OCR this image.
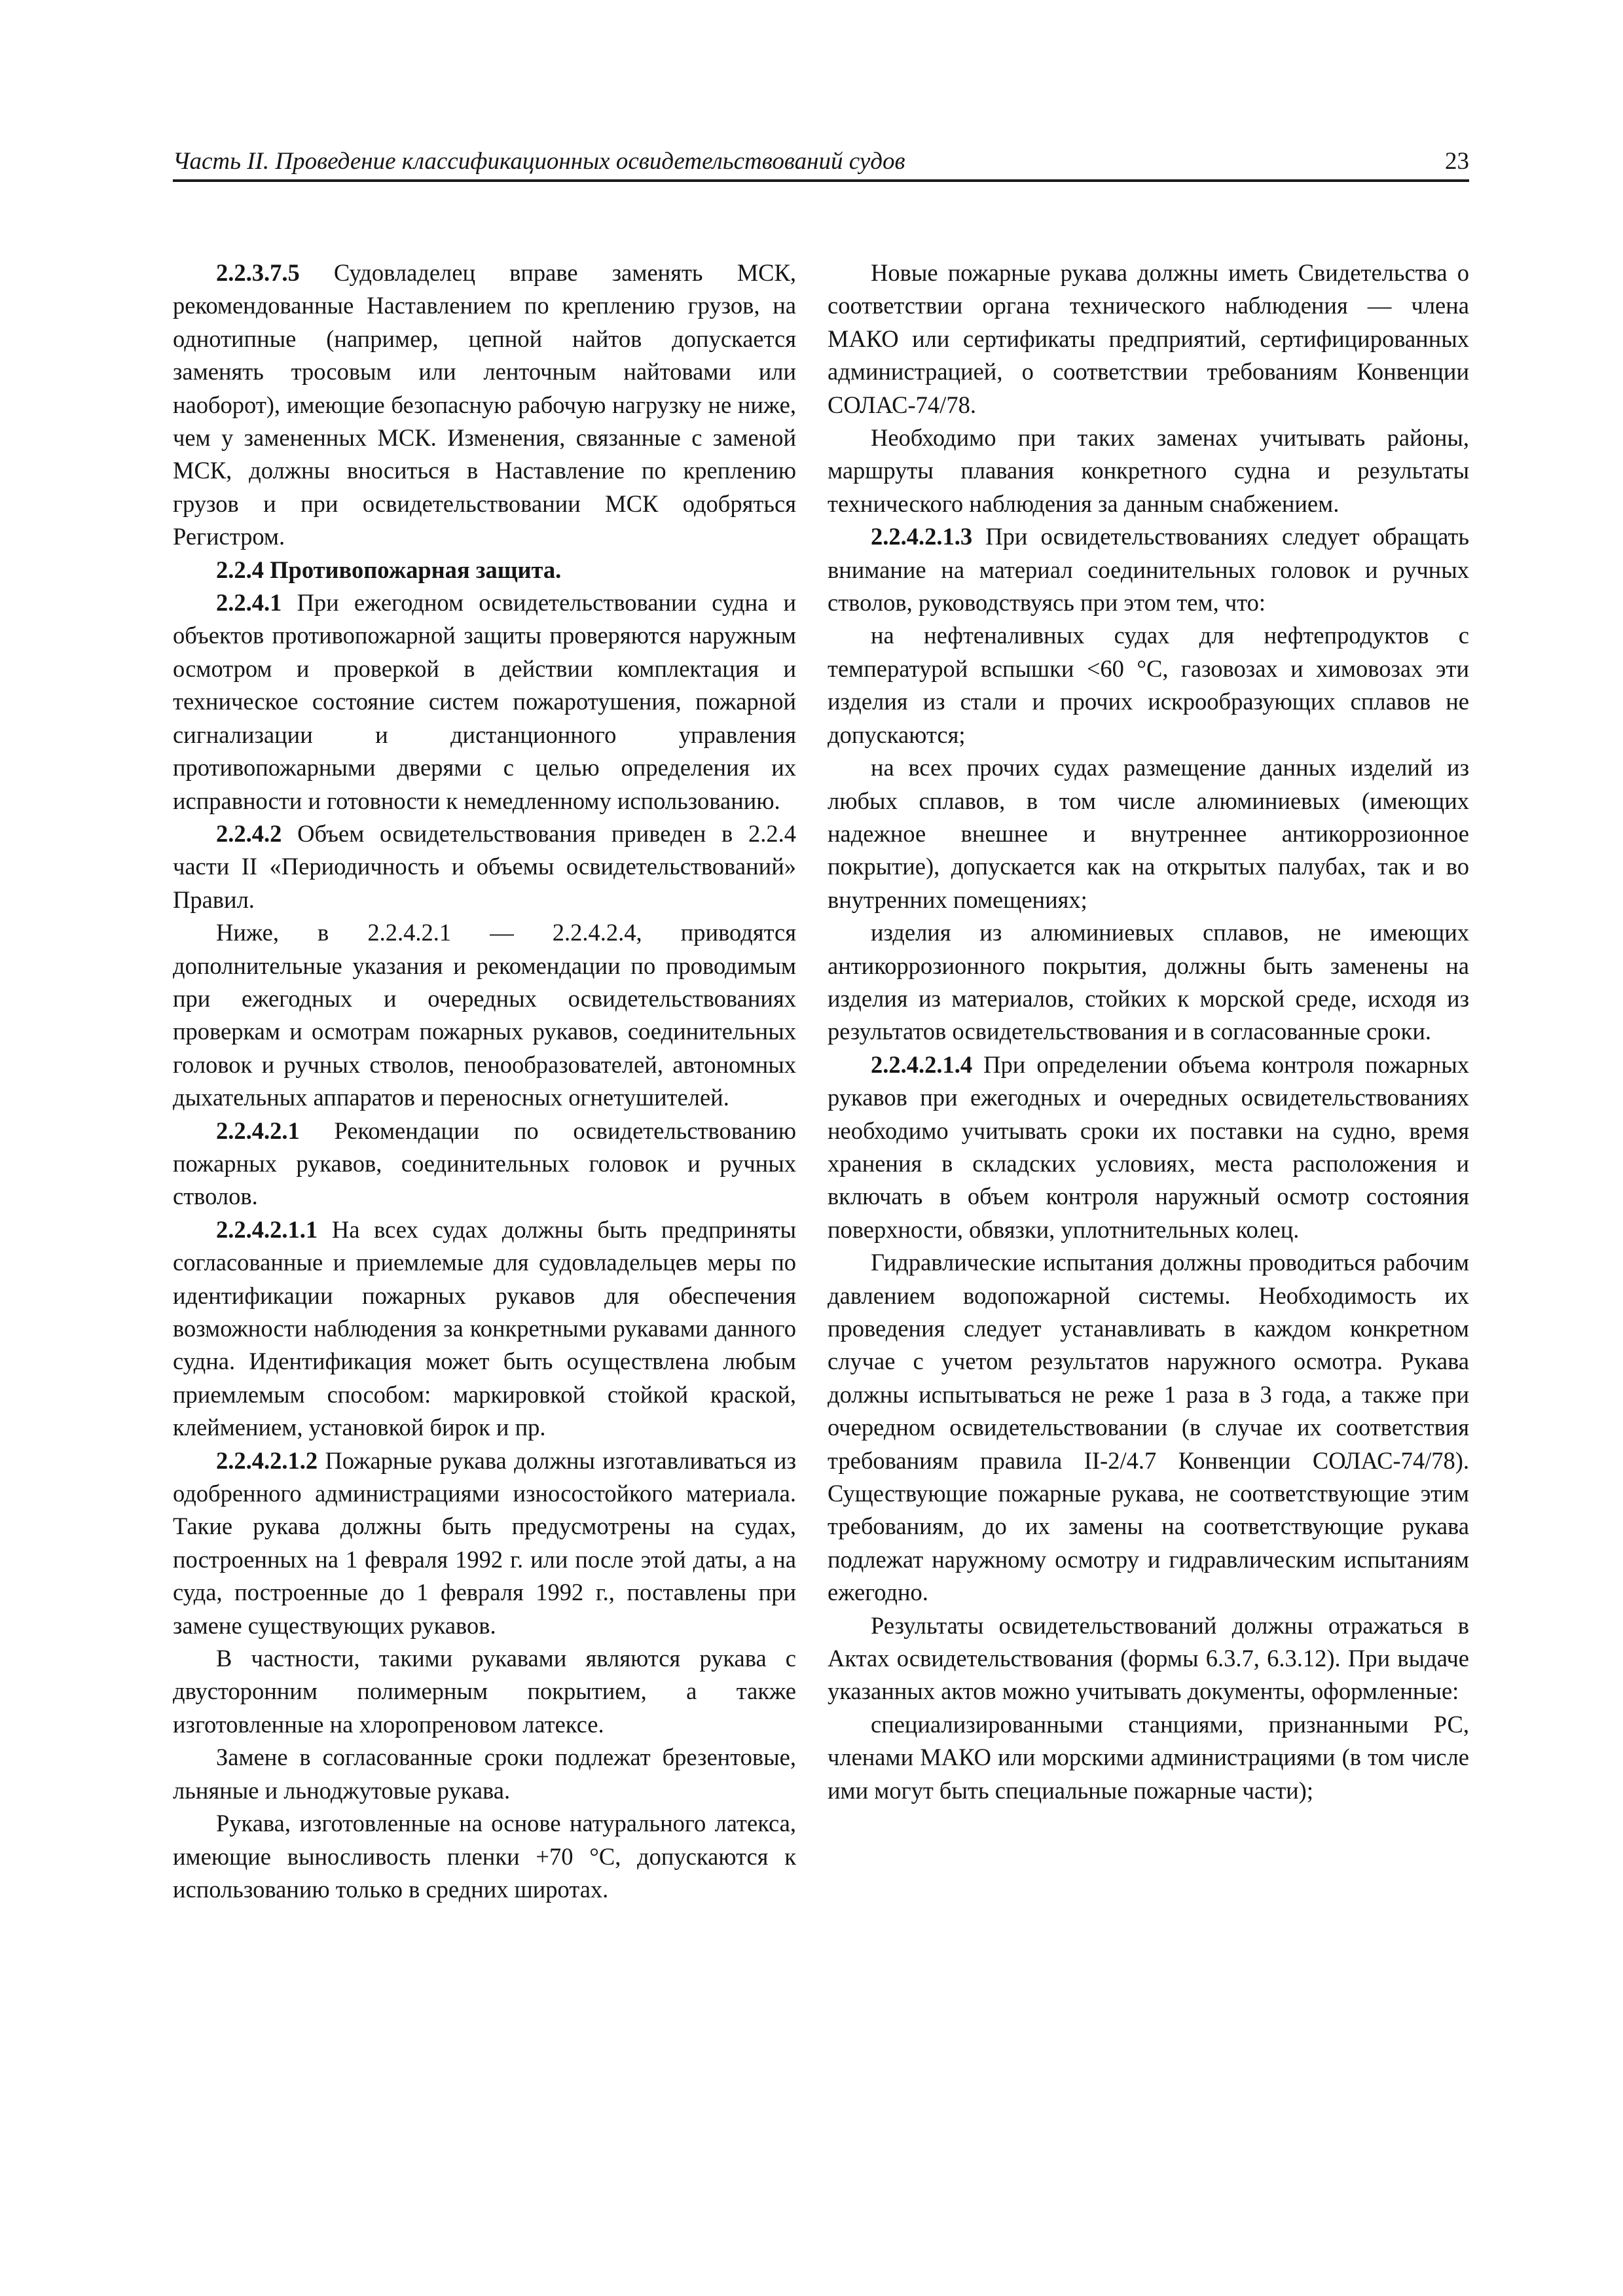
Часть II. Проведение классификационных освидетельствований судов	23

2.2.3.7.5 Судовладелец вправе заменять МСК, рекомендованные Наставлением по креплению грузов, на однотипные (например, цепной найтов допускается заменять тросовым или ленточным найтовами или наоборот), имеющие безопасную рабочую нагрузку не ниже, чем у замененных МСК. Изменения, связанные с заменой МСК, должны вноситься в Наставление по креплению грузов и при освидетельствовании МСК одобряться Регистром.

2.2.4 Противопожарная защита.

2.2.4.1 При ежегодном освидетельствовании судна и объектов противопожарной защиты проверяются наружным осмотром и проверкой в действии комплектация и техническое состояние систем пожаротушения, пожарной сигнализации и дистанционного управления противопожарными дверями с целью определения их исправности и готовности к немедленному использованию.

2.2.4.2 Объем освидетельствования приведен в 2.2.4 части II «Периодичность и объемы освидетельствований» Правил.

Ниже, в 2.2.4.2.1 — 2.2.4.2.4, приводятся дополнительные указания и рекомендации по проводимым при ежегодных и очередных освидетельствованиях проверкам и осмотрам пожарных рукавов, соединительных головок и ручных стволов, пенообразователей, автономных дыхательных аппаратов и переносных огнетушителей.

2.2.4.2.1 Рекомендации по освидетельствованию пожарных рукавов, соединительных головок и ручных стволов.

2.2.4.2.1.1 На всех судах должны быть предприняты согласованные и приемлемые для судовладельцев меры по идентификации пожарных рукавов для обеспечения возможности наблюдения за конкретными рукавами данного судна. Идентификация может быть осуществлена любым приемлемым способом: маркировкой стойкой краской, клеймением, установкой бирок и пр.

2.2.4.2.1.2 Пожарные рукава должны изготавливаться из одобренного администрациями износостойкого материала. Такие рукава должны быть предусмотрены на судах, построенных на 1 февраля 1992 г. или после этой даты, а на суда, построенные до 1 февраля 1992 г., поставлены при замене существующих рукавов.

В частности, такими рукавами являются рукава с двусторонним полимерным покрытием, а также изготовленные на хлоропреновом латексе.

Замене в согласованные сроки подлежат брезентовые, льняные и льноджутовые рукава.

Рукава, изготовленные на основе натурального латекса, имеющие выносливость пленки +70 °С, допускаются к использованию только в средних широтах.

Новые пожарные рукава должны иметь Свидетельства о соответствии органа технического наблюдения — члена МАКО или сертификаты предприятий, сертифицированных администрацией, о соответствии требованиям Конвенции СОЛАС-74/78.

Необходимо при таких заменах учитывать районы, маршруты плавания конкретного судна и результаты технического наблюдения за данным снабжением.

2.2.4.2.1.3 При освидетельствованиях следует обращать внимание на материал соединительных головок и ручных стволов, руководствуясь при этом тем, что:

на нефтеналивных судах для нефтепродуктов с температурой вспышки <60 °С, газовозах и химовозах эти изделия из стали и прочих искрообразующих сплавов не допускаются;

на всех прочих судах размещение данных изделий из любых сплавов, в том числе алюминиевых (имеющих надежное внешнее и внутреннее антикоррозионное покрытие), допускается как на открытых палубах, так и во внутренних помещениях;

изделия из алюминиевых сплавов, не имеющих антикоррозионного покрытия, должны быть заменены на изделия из материалов, стойких к морской среде, исходя из результатов освидетельствования и в согласованные сроки.

2.2.4.2.1.4 При определении объема контроля пожарных рукавов при ежегодных и очередных освидетельствованиях необходимо учитывать сроки их поставки на судно, время хранения в складских условиях, места расположения и включать в объем контроля наружный осмотр состояния поверхности, обвязки, уплотнительных колец.

Гидравлические испытания должны проводиться рабочим давлением водопожарной системы. Необходимость их проведения следует устанавливать в каждом конкретном случае с учетом результатов наружного осмотра. Рукава должны испытываться не реже 1 раза в 3 года, а также при очередном освидетельствовании (в случае их соответствия требованиям правила II-2/4.7 Конвенции СОЛАС-74/78). Существующие пожарные рукава, не соответствующие этим требованиям, до их замены на соответствующие рукава подлежат наружному осмотру и гидравлическим испытаниям ежегодно.

Результаты освидетельствований должны отражаться в Актах освидетельствования (формы 6.3.7, 6.3.12). При выдаче указанных актов можно учитывать документы, оформленные:

специализированными станциями, признанными РС, членами МАКО или морскими администрациями (в том числе ими могут быть специальные пожарные части);
